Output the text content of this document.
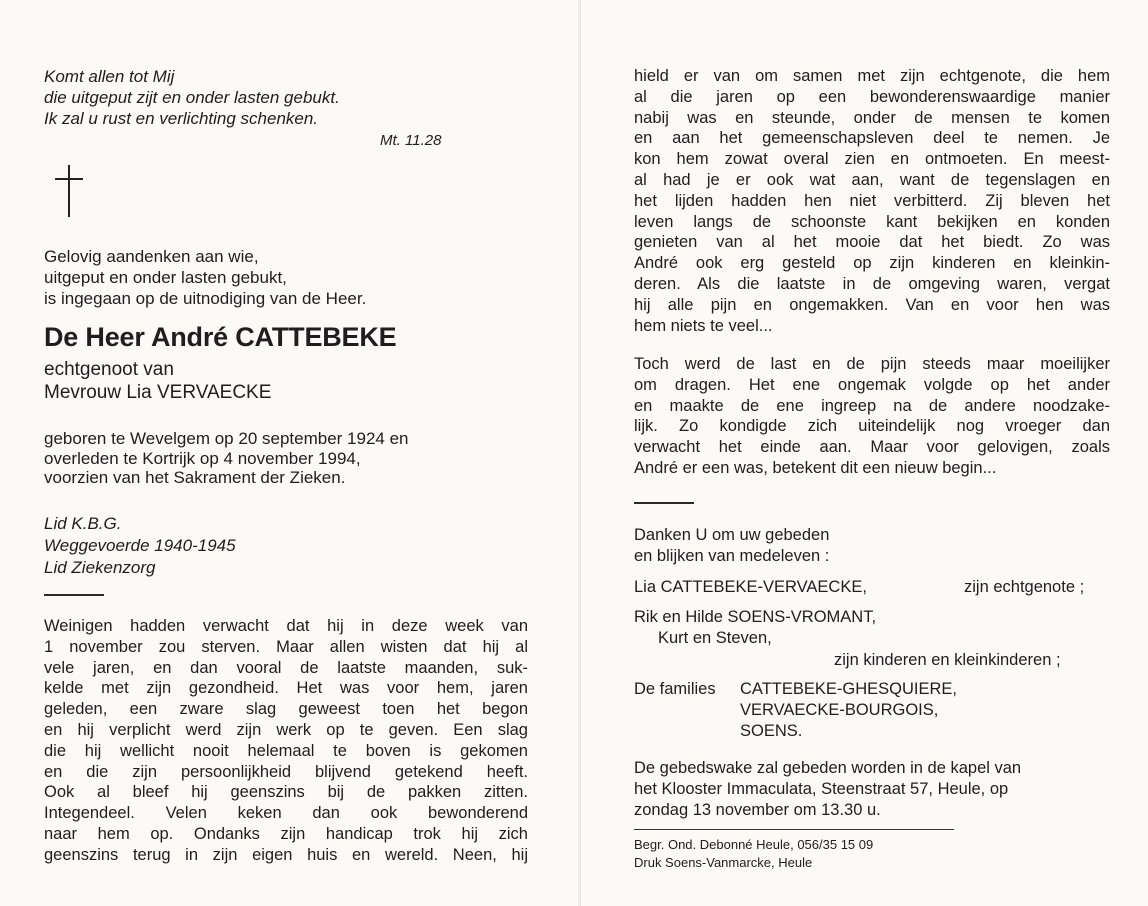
Komt allen tot Mij
die uitgeput zijt en onder lasten gebukt.
Ik zal u rust en verlichting schenken.
Mt. 11.28
Gelovig aandenken aan wie,
uitgeput en onder lasten gebukt,
is ingegaan op de uitnodiging van de Heer.
De Heer André CATTEBEKE
echtgenoot van
Mevrouw Lia VERVAECKE
geboren te Wevelgem op 20 september 1924 en
overleden te Kortrijk op 4 november 1994,
voorzien van het Sakrament der Zieken.
Lid K.B.G.
Weggevoerde 1940-1945
Lid Ziekenzorg
Weinigen hadden verwacht dat hij in deze week van
1 november zou sterven. Maar allen wisten dat hij al
vele jaren, en dan vooral de laatste maanden, suk-
kelde met zijn gezondheid. Het was voor hem, jaren
geleden, een zware slag geweest toen het begon
en hij verplicht werd zijn werk op te geven. Een slag
die hij wellicht nooit helemaal te boven is gekomen
en die zijn persoonlijkheid blijvend getekend heeft.
Ook al bleef hij geenszins bij de pakken zitten.
Integendeel. Velen keken dan ook bewonderend
naar hem op. Ondanks zijn handicap trok hij zich
geenszins terug in zijn eigen huis en wereld. Neen, hij
hield er van om samen met zijn echtgenote, die hem
al die jaren op een bewonderenswaardige manier
nabij was en steunde, onder de mensen te komen
en aan het gemeenschapsleven deel te nemen. Je
kon hem zowat overal zien en ontmoeten. En meest-
al had je er ook wat aan, want de tegenslagen en
het lijden hadden hen niet verbitterd. Zij bleven het
leven langs de schoonste kant bekijken en konden
genieten van al het mooie dat het biedt. Zo was
André ook erg gesteld op zijn kinderen en kleinkin-
deren. Als die laatste in de omgeving waren, vergat
hij alle pijn en ongemakken. Van en voor hen was
hem niets te veel...
Toch werd de last en de pijn steeds maar moeilijker
om dragen. Het ene ongemak volgde op het ander
en maakte de ene ingreep na de andere noodzake-
lijk. Zo kondigde zich uiteindelijk nog vroeger dan
verwacht het einde aan. Maar voor gelovigen, zoals
André er een was, betekent dit een nieuw begin...
Danken U om uw gebeden
en blijken van medeleven :
Lia CATTEBEKE-VERVAECKE,	zijn echtgenote ;
Rik en Hilde SOENS-VROMANT,
Kurt en Steven,
zijn kinderen en kleinkinderen ;
De families CATTEBEKE-GHESQUIERE,
VERVAECKE-BOURGOIS,
SOENS.
De gebedswake zal gebeden worden in de kapel van
het Klooster Immaculata, Steenstraat 57, Heule, op
zondag 13 november om 13.30 u.
Begr. Ond. Debonné Heule, 056/35 15 09
Druk Soens-Vanmarcke, Heule
